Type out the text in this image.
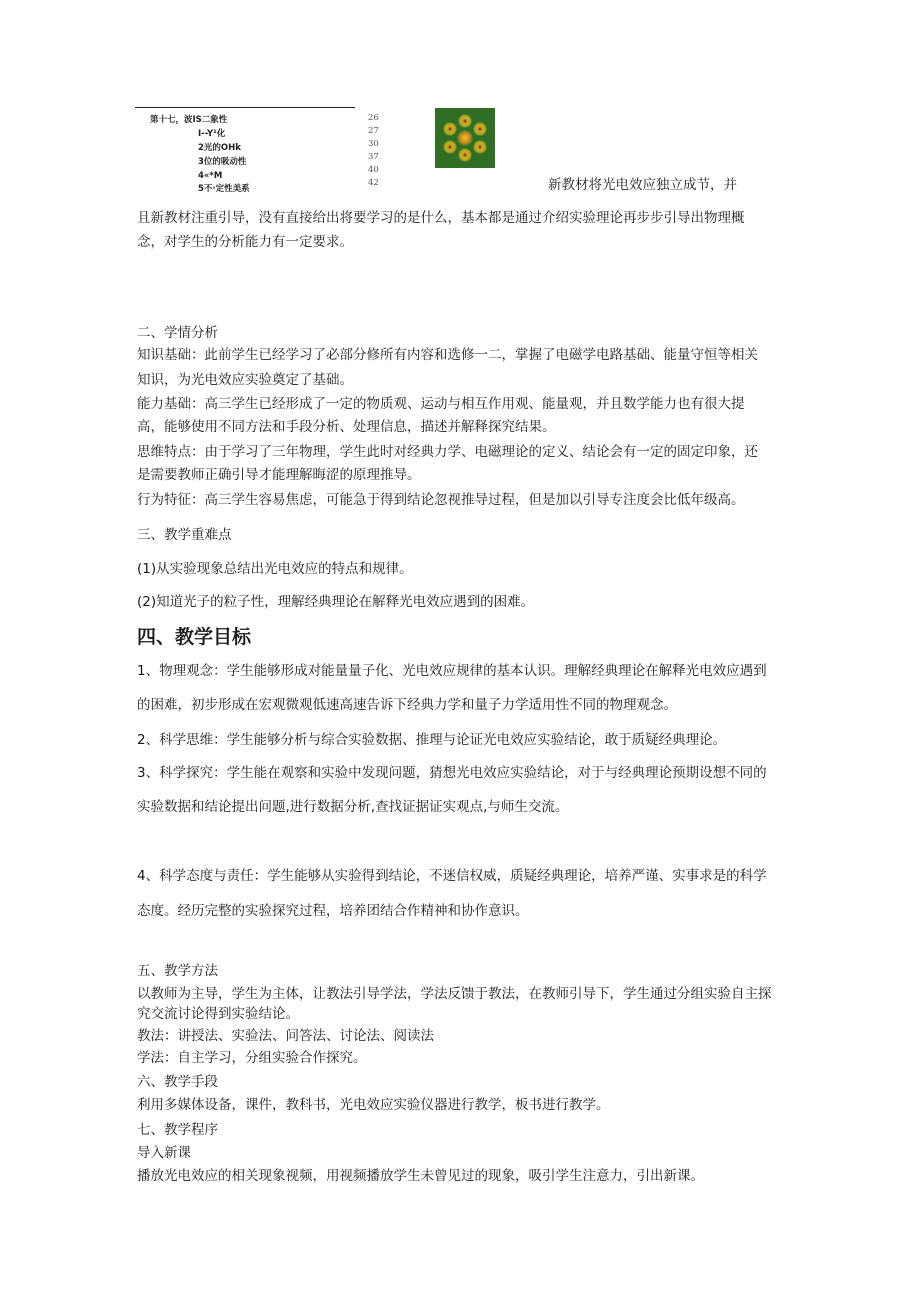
第十七，波IS二象性
I--Y¹化
2光的OHk
3位的吸动性
4«*M
5不·定性美系
26
27
30
37
40
42	新教材将光电效应独立成节，并
且新教材注重引导，没有直接给出将要学习的是什么，基本都是通过介绍实验理论再步步引导出物理概
念，对学生的分析能力有一定要求。
二、学情分析
知识基础：此前学生已经学习了必部分修所有内容和选修一二，掌握了电磁学电路基础、能量守恒等相关
知识，为光电效应实验奠定了基础。
能力基础：高三学生已经形成了一定的物质观、运动与相互作用观、能量观，并且数学能力也有很大提
高，能够使用不同方法和手段分析、处理信息，描述并解释探究结果。
思维特点：由于学习了三年物理，学生此时对经典力学、电磁理论的定义、结论会有一定的固定印象，还
是需要教师正确引导才能理解晦涩的原理推导。
行为特征：高三学生容易焦虑，可能急于得到结论忽视推导过程，但是加以引导专注度会比低年级高。
三、教学重难点
(1)从实验现象总结出光电效应的特点和规律。
(2)知道光子的粒子性，理解经典理论在解释光电效应遇到的困难。
四、教学目标
1、物理观念：学生能够形成对能量量子化、光电效应规律的基本认识。理解经典理论在解释光电效应遇到
的困难，初步形成在宏观微观低速高速告诉下经典力学和量子力学适用性不同的物理观念。
2、科学思维：学生能够分析与综合实验数据、推理与论证光电效应实验结论，敢于质疑经典理论。
3、科学探究：学生能在观察和实验中发现问题，猜想光电效应实验结论，对于与经典理论预期设想不同的
实验数据和结论提出问题,进行数据分析,查找证据证实观点,与师生交流。
4、科学态度与责任：学生能够从实验得到结论，不迷信权威，质疑经典理论，培养严谨、实事求是的科学
态度。经历完整的实验探究过程，培养团结合作精神和协作意识。
五、教学方法
以教师为主导，学生为主体，让教法引导学法，学法反馈于教法，在教师引导下，学生通过分组实验自主探
究交流讨论得到实验结论。
教法：讲授法、实验法、问答法、讨论法、阅读法
学法：自主学习，分组实验合作探究。
六、教学手段
利用多媒体设备，课件，教科书，光电效应实验仪器进行教学，板书进行教学。
七、教学程序
导入新课
播放光电效应的相关现象视频，用视频播放学生未曾见过的现象，吸引学生注意力，引出新课。
